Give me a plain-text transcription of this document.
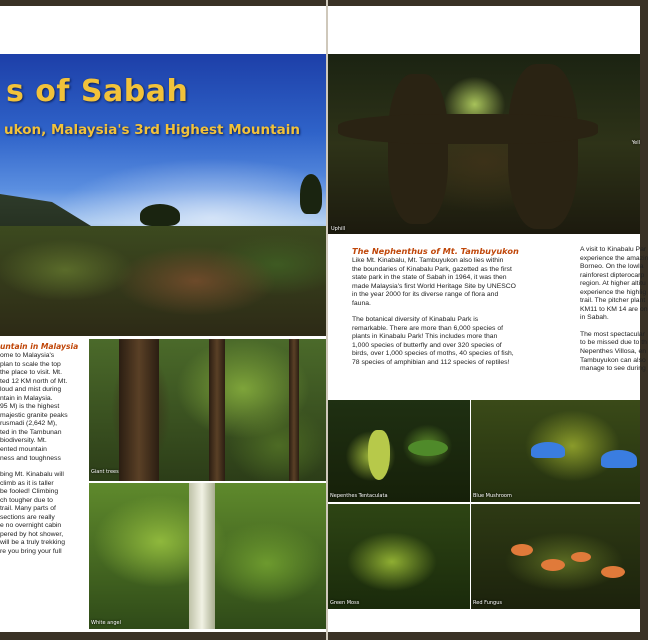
s of Sabah
ukon, Malaysia's 3rd Highest Mountain
untain in Malaysia
ome to Malaysia's
plan to scale the top
the place to visit. Mt.
ted 12 KM north of Mt.
loud and mist during
ntain in Malaysia.
95 M) is the highest
majestic granite peaks
rusmadi (2,642 M),
ted in the Tambunan
biodiversity. Mt.
ented mountain
ness and toughness
bing Mt. Kinabalu will
climb as it is taller
be fooled! Climbing
ch tougher due to
trail. Many parts of
sections are really
e no overnight cabin
pered by hot shower,
will be a truly trekking
re you bring your full
Giant trees
White angel
Uphill
Yell
The Nephenthus of Mt. Tambuyukon
Like Mt. Kinabalu, Mt. Tambuyukon also lies within
the boundaries of Kinabalu Park, gazetted as the first
state park in the state of Sabah in 1964, it was then
made Malaysia's first World Heritage Site by UNESCO
in the year 2000 for its diverse range of flora and
fauna.
The botanical diversity of Kinabalu Park is
remarkable. There are more than 6,000 species of
plants in Kinabalu Park! This includes more than
1,000 species of butterfly and over 320 species of
birds, over 1,000 species of moths, 40 species of fish,
78 species of amphibian and 112 species of reptiles!
A visit to Kinabalu Par
experience the amazin
Borneo. On the lowla
rainforest dipterocarp
region. At higher altitu
experience the highlig
trail. The pitcher plant
KM11 to KM 14 are on
in Sabah.
The most spectacular
to be missed due to th
Nepenthes Villosa, en
Tambuyukon can also
manage to see during
Nepenthes Tentaculata	Blue Mushroom
Green Moss	Red Fungus
